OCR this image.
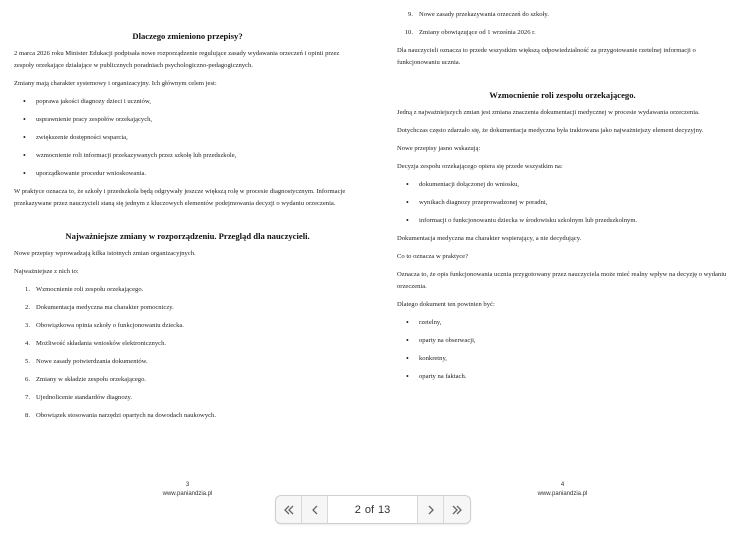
Dlaczego zmieniono przepisy?

2 marca 2026 roku Minister Edukacji podpisała nowe rozporządzenie regulujące zasady wydawania orzeczeń i opinii przez zespoły orzekające działające w publicznych poradniach psychologiczno-pedagogicznych.

Zmiany mają charakter systemowy i organizacyjny. Ich głównym celem jest:

• poprawa jakości diagnozy dzieci i uczniów,
• usprawnienie pracy zespołów orzekających,
• zwiększenie dostępności wsparcia,
• wzmocnienie roli informacji przekazywanych przez szkołę lub przedszkole,
• uporządkowanie procedur wnioskowania.

W praktyce oznacza to, że szkoły i przedszkola będą odgrywały jeszcze większą rolę w procesie diagnostycznym. Informacje przekazywane przez nauczycieli staną się jednym z kluczowych elementów podejmowania decyzji o wydaniu orzeczenia.

Najważniejsze zmiany w rozporządzeniu. Przegląd dla nauczycieli.

Nowe przepisy wprowadzają kilka istotnych zmian organizacyjnych.

Najważniejsze z nich to:

1. Wzmocnienie roli zespołu orzekającego.
2. Dokumentacja medyczna ma charakter pomocniczy.
3. Obowiązkowa opinia szkoły o funkcjonowaniu dziecka.
4. Możliwość składania wniosków elektronicznych.
5. Nowe zasady potwierdzania dokumentów.
6. Zmiany w składzie zespołu orzekającego.
7. Ujednolicenie standardów diagnozy.
8. Obowiązek stosowania narzędzi opartych na dowodach naukowych.
3
www.paniandzia.pl
9. Nowe zasady przekazywania orzeczeń do szkoły.
10. Zmiany obowiązujące od 1 września 2026 r.

Dla nauczycieli oznacza to przede wszystkim większą odpowiedzialność za przygotowanie rzetelnej informacji o funkcjonowaniu ucznia.

Wzmocnienie roli zespołu orzekającego.

Jedną z najważniejszych zmian jest zmiana znaczenia dokumentacji medycznej w procesie wydawania orzeczenia.

Dotychczas często zdarzało się, że dokumentacja medyczna była traktowana jako najważniejszy element decyzyjny.

Nowe przepisy jasno wskazują:

Decyzja zespołu orzekającego opiera się przede wszystkim na:

• dokumentacji dołączonej do wniosku,
• wynikach diagnozy przeprowadzonej w poradni,
• informacji o funkcjonowaniu dziecka w środowisku szkolnym lub przedszkolnym.

Dokumentacja medyczna ma charakter wspierający, a nie decydujący.

Co to oznacza w praktyce?

Oznacza to, że opis funkcjonowania ucznia przygotowany przez nauczyciela może mieć realny wpływ na decyzję o wydaniu orzeczenia.

Dlatego dokument ten powinien być:

• rzetelny,
• oparty na obserwacji,
• konkretny,
• oparty na faktach.
4
www.paniandzia.pl
2 of 13
